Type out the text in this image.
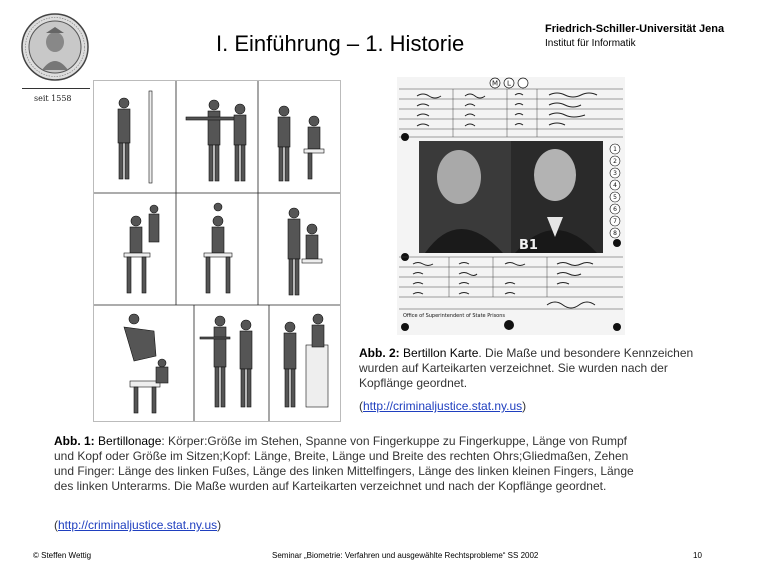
seit 1558
I. Einführung – 1. Historie
Friedrich-Schiller-Universität Jena
Institut für Informatik
M L
B1
1
2
3
4
5
6
7
8
Office of Superintendent of State Prisons
Abb. 2: Bertillon Karte. Die Maße und besondere Kennzeichen wurden auf Karteikarten verzeichnet. Sie wurden nach der Kopflänge geordnet.
(http://criminaljustice.stat.ny.us)
Abb. 1: Bertillonage: Körper:Größe im Stehen, Spanne von Fingerkuppe zu Fingerkuppe, Länge von Rumpf und Kopf oder Größe im Sitzen;Kopf: Länge, Breite, Länge und Breite des rechten Ohrs;Gliedmaßen, Zehen und Finger: Länge des linken Fußes, Länge des linken Mittelfingers, Länge des linken kleinen Fingers, Länge des linken Unterarms. Die Maße wurden auf Karteikarten verzeichnet und nach der Kopflänge geordnet.
(http://criminaljustice.stat.ny.us)
© Steffen Wettig	Seminar „Biometrie: Verfahren und ausgewählte Rechtsprobleme“ SS 2002	10
